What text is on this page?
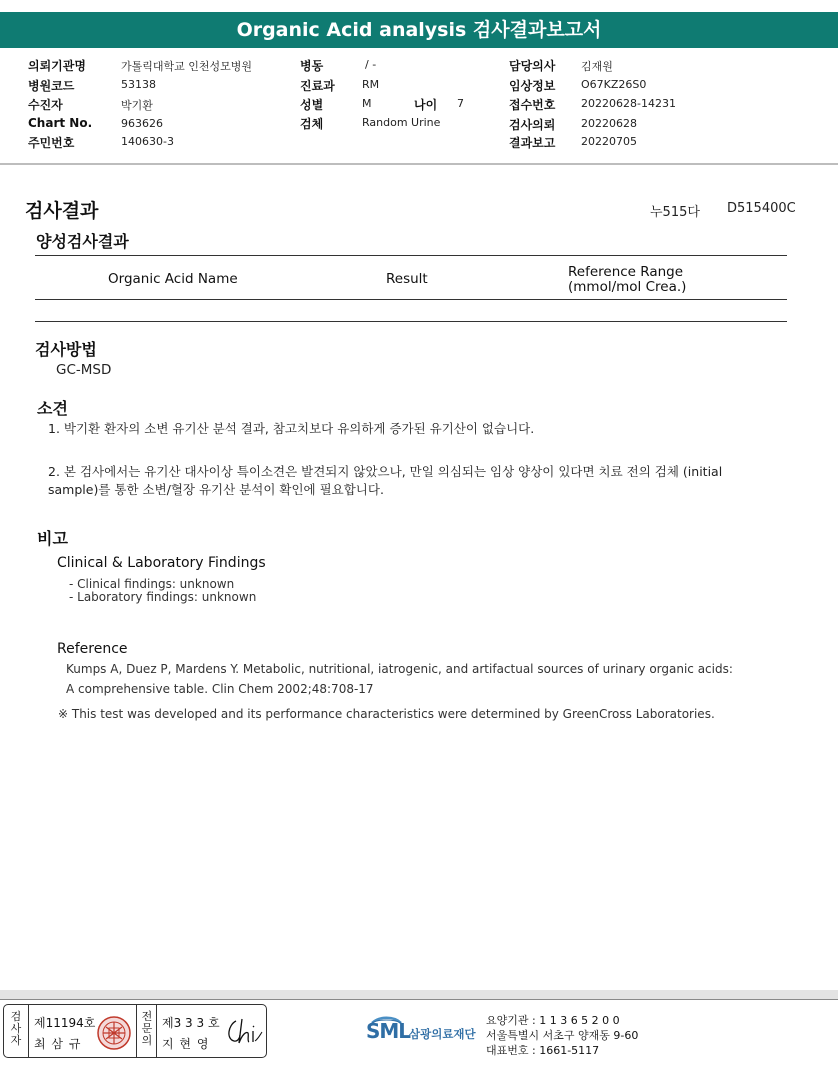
Organic Acid analysis 검사결과보고서
의뢰기관명	가톨릭대학교 인천성모병원
병원코드	53138
수진자	박기환
Chart No.	963626
주민번호	140630-3
병동	/ -
진료과 RM
성별	M	나이 7
검체	Random Urine
담당의사 김재원
임상정보 O67KZ26S0
접수번호 20220628-14231
검사의뢰 20220628
결과보고 20220705
검사결과	누515다 D515400C
양성검사결과
Organic Acid Name	Result	Reference Range
(mmol/mol Crea.)
검사방법
GC-MSD
소견
1. 박기환 환자의 소변 유기산 분석 결과, 참고치보다 유의하게 증가된 유기산이 없습니다.
2. 본 검사에서는 유기산 대사이상 특이소견은 발견되지 않았으나, 만일 의심되는 임상 양상이 있다면 치료 전의 검체 (initial
sample)를 통한 소변/혈장 유기산 분석이 확인에 필요합니다.
비고
Clinical & Laboratory Findings
- Clinical findings: unknown
- Laboratory findings: unknown
Reference
Kumps A, Duez P, Mardens Y. Metabolic, nutritional, iatrogenic, and artifactual sources of urinary organic acids:
A comprehensive table. Clin Chem 2002;48:708-17
※ This test was developed and its performance characteristics were determined by GreenCross Laboratories.
검사자
제11194호
최 삼 규
전문의
제3 3 3 호
지 현 영
SML
삼광의료재단
요양기관 : 1 1 3 6 5 2 0 0
서울특별시 서초구 양재동 9-60
대표번호 : 1661-5117
